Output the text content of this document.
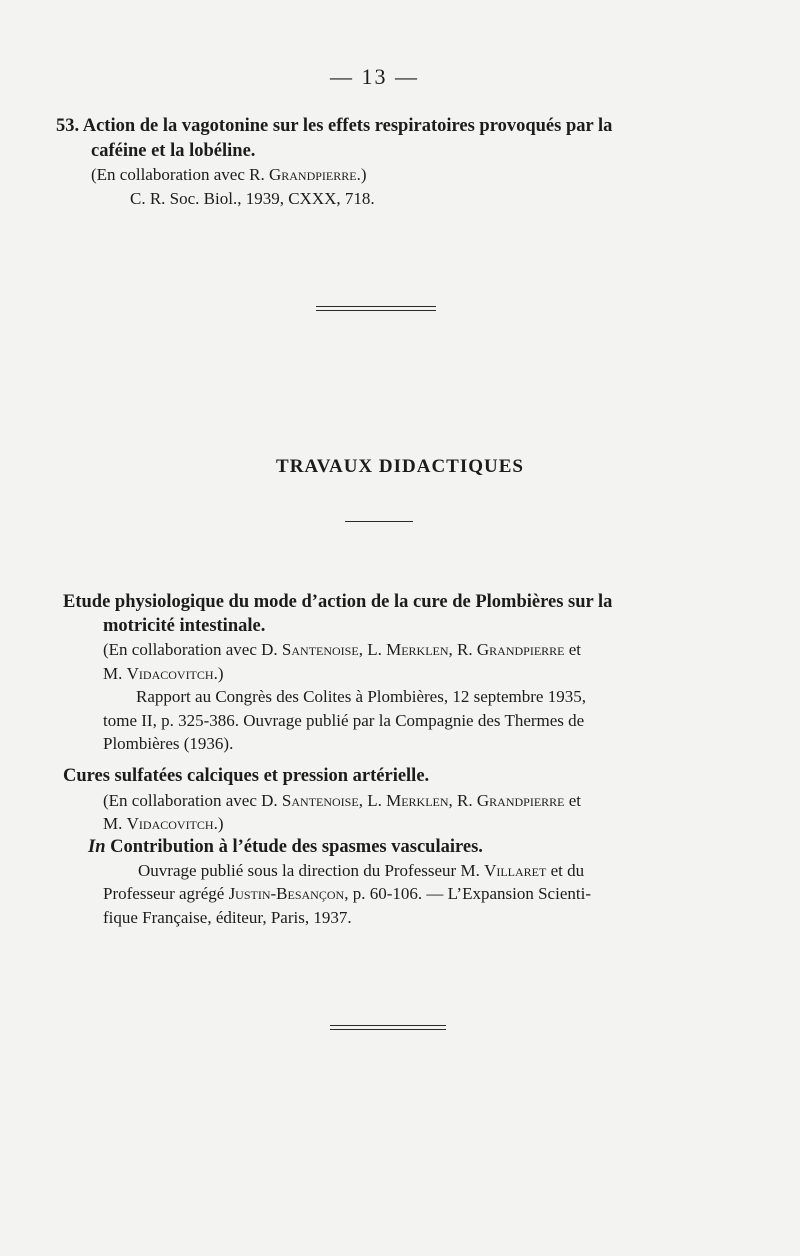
— 13 —
53. Action de la vagotonine sur les effets respiratoires provoqués par la
caféine et la lobéline.
(En collaboration avec R. Grandpierre.)
C. R. Soc. Biol., 1939, CXXX, 718.
TRAVAUX DIDACTIQUES
Etude physiologique du mode d’action de la cure de Plombières sur la
motricité intestinale.
(En collaboration avec D. Santenoise, L. Merklen, R. Grandpierre et
M. Vidacovitch.)
Rapport au Congrès des Colites à Plombières, 12 septembre 1935,
tome II, p. 325-386. Ouvrage publié par la Compagnie des Thermes de
Plombières (1936).
Cures sulfatées calciques et pression artérielle.
(En collaboration avec D. Santenoise, L. Merklen, R. Grandpierre et
M. Vidacovitch.)
In Contribution à l’étude des spasmes vasculaires.
Ouvrage publié sous la direction du Professeur M. Villaret et du
Professeur agrégé Justin-Besançon, p. 60-106. — L’Expansion Scienti-
fique Française, éditeur, Paris, 1937.
